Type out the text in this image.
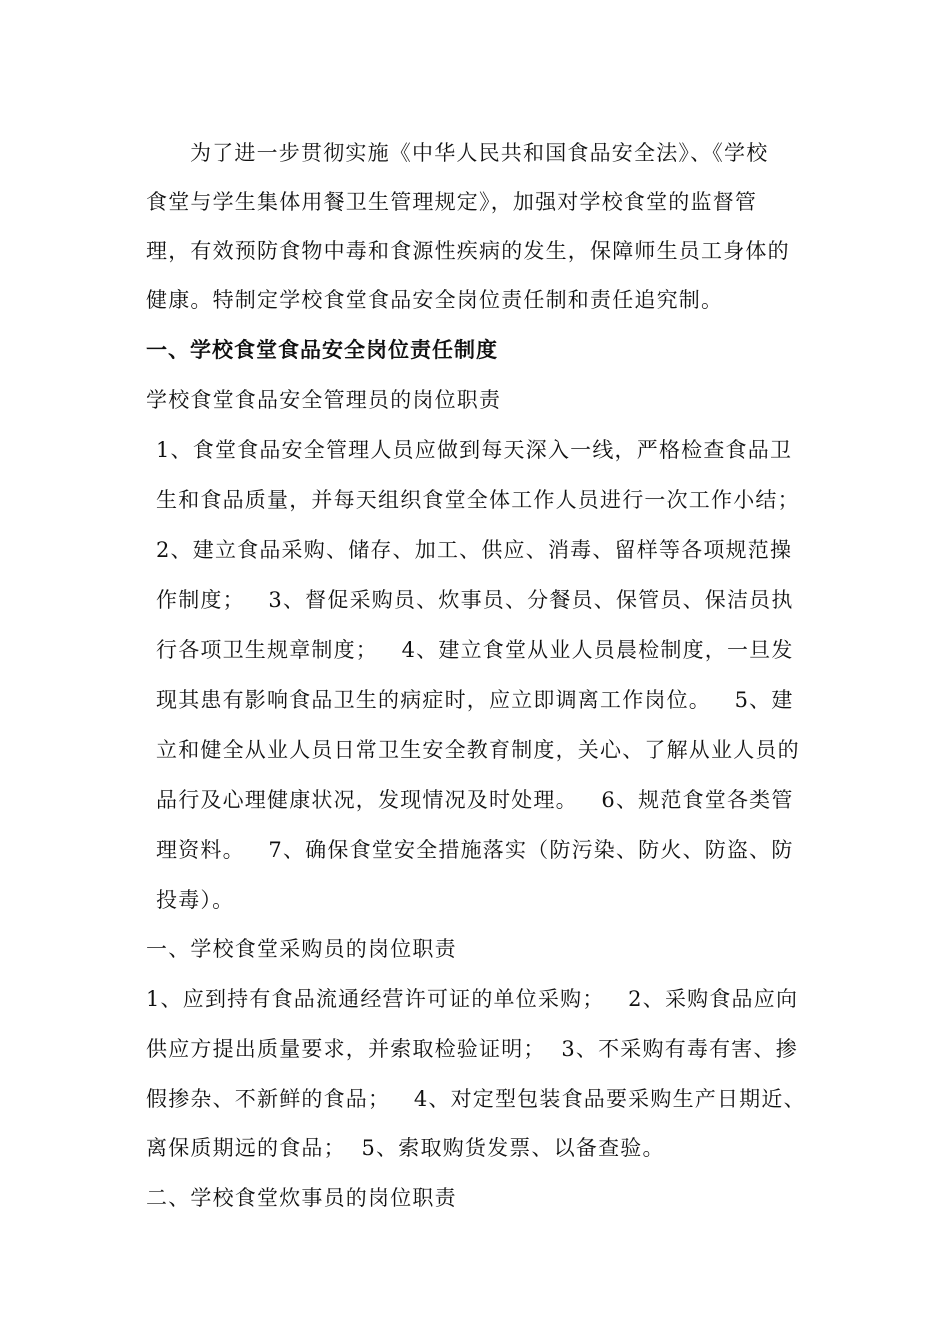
为了进一步贯彻实施《中华人民共和国食品安全法》、《学校
食堂与学生集体用餐卫生管理规定》，加强对学校食堂的监督管
理，有效预防食物中毒和食源性疾病的发生，保障师生员工身体的
健康。特制定学校食堂食品安全岗位责任制和责任追究制。
一、学校食堂食品安全岗位责任制度
学校食堂食品安全管理员的岗位职责
1、食堂食品安全管理人员应做到每天深入一线，严格检查食品卫
生和食品质量，并每天组织食堂全体工作人员进行一次工作小结；
2、建立食品采购、储存、加工、供应、消毒、留样等各项规范操
作制度；   3、督促采购员、炊事员、分餐员、保管员、保洁员执
行各项卫生规章制度；   4、建立食堂从业人员晨检制度，一旦发
现其患有影响食品卫生的病症时，应立即调离工作岗位。   5、建
立和健全从业人员日常卫生安全教育制度，关心、了解从业人员的
品行及心理健康状况，发现情况及时处理。   6、规范食堂各类管
理资料。   7、确保食堂安全措施落实（防污染、防火、防盗、防
投毒）。
一、学校食堂采购员的岗位职责
1、应到持有食品流通经营许可证的单位采购；   2、采购食品应向
供应方提出质量要求，并索取检验证明；  3、不采购有毒有害、掺
假掺杂、不新鲜的食品；   4、对定型包装食品要采购生产日期近、
离保质期远的食品；  5、索取购货发票、以备查验。
二、学校食堂炊事员的岗位职责
